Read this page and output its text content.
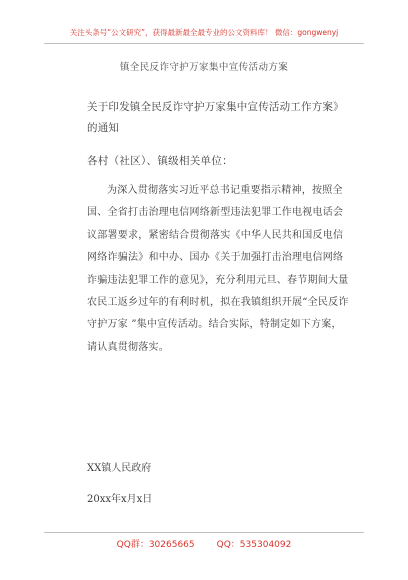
关注头条号“公文研究”，获得最新最全最专业的公文资料库！ 微信：gongwenyj
镇全民反诈守护万家集中宣传活动方案
关于印发镇全民反诈守护万家集中宣传活动工作方案》的通知
各村（社区）、镇级相关单位：

为深入贯彻落实习近平总书记重要指示精神，按照全国、全省打击治理电信网络新型违法犯罪工作电视电话会议部署要求，紧密结合贯彻落实《中华人民共和国反电信网络诈骗法》和中办、国办《关于加强打击治理电信网络诈骗违法犯罪工作的意见》，充分利用元旦、春节期间大量农民工返乡过年的有利时机，拟在我镇组织开展“全民反诈 守护万家 ”集中宣传活动。结合实际，特制定如下方案，请认真贯彻落实。

XX镇人民政府
20xx年x月x日
QQ群：30265665 QQ：535304092
